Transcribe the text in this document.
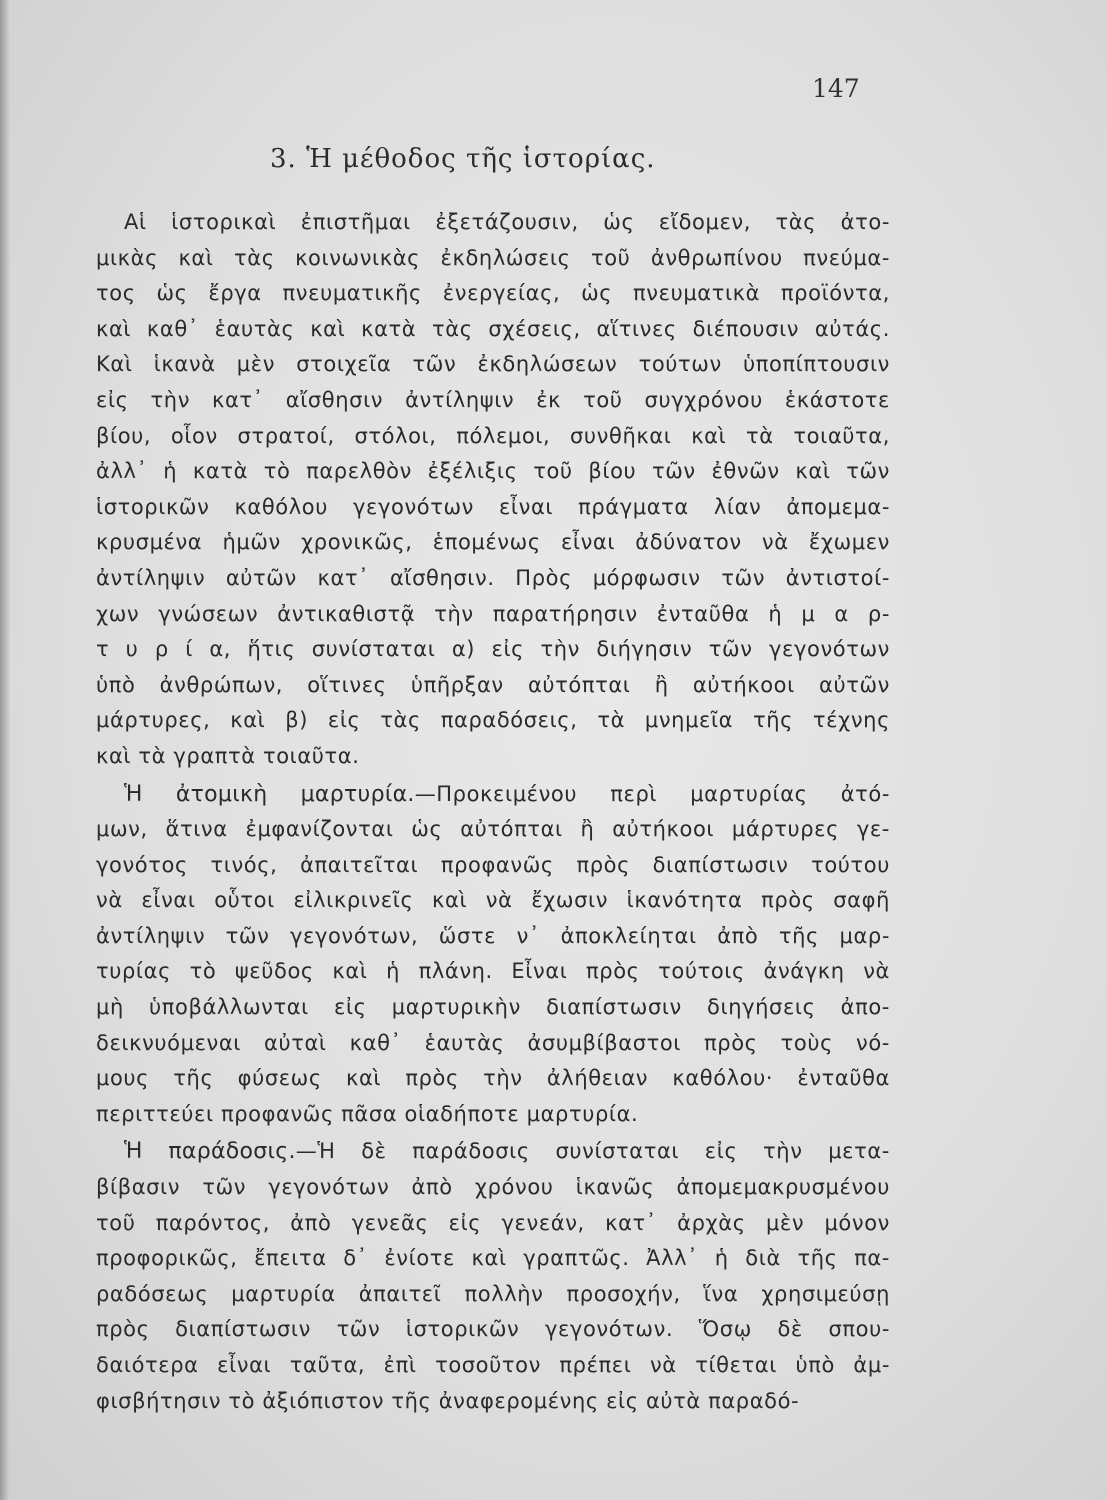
147
3. Ἡ μέθοδος τῆς ἱστορίας.
Αἱ ἱστορικαὶ ἐπιστῆμαι ἐξετάζουσιν, ὡς εἴδομεν, τὰς ἀτο-
μικὰς καὶ τὰς κοινωνικὰς ἐκδηλώσεις τοῦ ἀνθρωπίνου πνεύμα-
τος ὡς ἔργα πνευματικῆς ἐνεργείας, ὡς πνευματικὰ προϊόντα,
καὶ καθ᾽ ἑαυτὰς καὶ κατὰ τὰς σχέσεις, αἵτινες διέπουσιν αὐτάς.
Καὶ ἱκανὰ μὲν στοιχεῖα τῶν ἐκδηλώσεων τούτων ὑποπίπτουσιν
εἰς τὴν κατ᾽ αἴσθησιν ἀντίληψιν ἐκ τοῦ συγχρόνου ἑκάστοτε
βίου, οἷον στρατοί, στόλοι, πόλεμοι, συνθῆκαι καὶ τὰ τοιαῦτα,
ἀλλ᾽ ἡ κατὰ τὸ παρελθὸν ἐξέλιξις τοῦ βίου τῶν ἐθνῶν καὶ τῶν
ἱστορικῶν καθόλου γεγονότων εἶναι πράγματα λίαν ἀπομεμα-
κρυσμένα ἡμῶν χρονικῶς, ἑπομένως εἶναι ἀδύνατον νὰ ἔχωμεν
ἀντίληψιν αὐτῶν κατ᾽ αἴσθησιν. Πρὸς μόρφωσιν τῶν ἀντιστοί-
χων γνώσεων ἀντικαθιστᾷ τὴν παρατήρησιν ἐνταῦθα ἡ μ α ρ-
τ υ ρ ί α, ἥτις συνίσταται α) εἰς τὴν διήγησιν τῶν γεγονότων
ὑπὸ ἀνθρώπων, οἵτινες ὑπῆρξαν αὐτόπται ἢ αὐτήκοοι αὐτῶν
μάρτυρες, καὶ β) εἰς τὰς παραδόσεις, τὰ μνημεῖα τῆς τέχνης
καὶ τὰ γραπτὰ τοιαῦτα.
Ἡ ἀτομικὴ μαρτυρία.—Προκειμένου περὶ μαρτυρίας ἀτό-
μων, ἅτινα ἐμφανίζονται ὡς αὐτόπται ἢ αὐτήκοοι μάρτυρες γε-
γονότος τινός, ἀπαιτεῖται προφανῶς πρὸς διαπίστωσιν τούτου
νὰ εἶναι οὗτοι εἰλικρινεῖς καὶ νὰ ἔχωσιν ἱκανότητα πρὸς σαφῆ
ἀντίληψιν τῶν γεγονότων, ὥστε ν᾽ ἀποκλείηται ἀπὸ τῆς μαρ-
τυρίας τὸ ψεῦδος καὶ ἡ πλάνη. Εἶναι πρὸς τούτοις ἀνάγκη νὰ
μὴ ὑποβάλλωνται εἰς μαρτυρικὴν διαπίστωσιν διηγήσεις ἀπο-
δεικνυόμεναι αὐταὶ καθ᾽ ἑαυτὰς ἀσυμβίβαστοι πρὸς τοὺς νό-
μους τῆς φύσεως καὶ πρὸς τὴν ἀλήθειαν καθόλου· ἐνταῦθα
περιττεύει προφανῶς πᾶσα οἱαδήποτε μαρτυρία.
Ἡ παράδοσις.—Ἡ δὲ παράδοσις συνίσταται εἰς τὴν μετα-
βίβασιν τῶν γεγονότων ἀπὸ χρόνου ἱκανῶς ἀπομεμακρυσμένου
τοῦ παρόντος, ἀπὸ γενεᾶς εἰς γενεάν, κατ᾽ ἀρχὰς μὲν μόνον
προφορικῶς, ἔπειτα δ᾽ ἐνίοτε καὶ γραπτῶς. Ἀλλ᾽ ἡ διὰ τῆς πα-
ραδόσεως μαρτυρία ἀπαιτεῖ πολλὴν προσοχήν, ἵνα χρησιμεύσῃ
πρὸς διαπίστωσιν τῶν ἱστορικῶν γεγονότων. Ὅσῳ δὲ σπου-
δαιότερα εἶναι ταῦτα, ἐπὶ τοσοῦτον πρέπει νὰ τίθεται ὑπὸ ἀμ-
φισβήτησιν τὸ ἀξιόπιστον τῆς ἀναφερομένης εἰς αὐτὰ παραδό-
